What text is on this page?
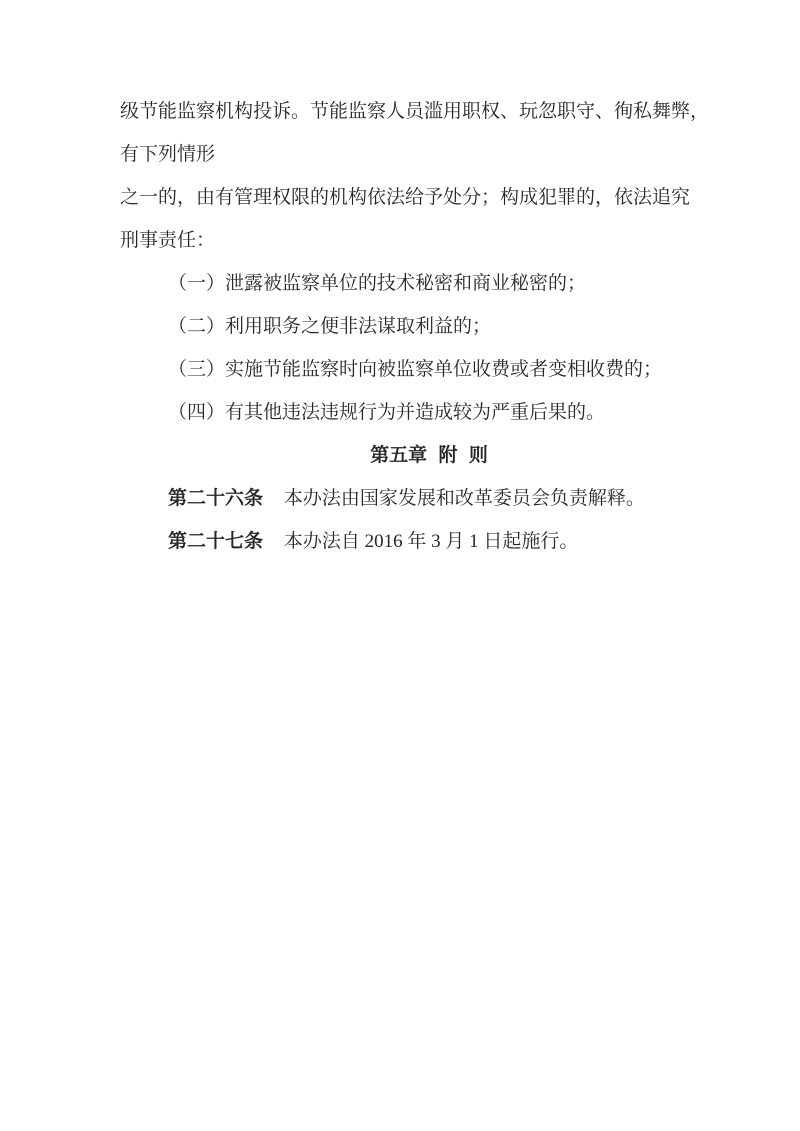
级节能监察机构投诉。节能监察人员滥用职权、玩忽职守、徇私舞弊，

有下列情形

之一的，由有管理权限的机构依法给予处分；构成犯罪的，依法追究

刑事责任：

（一）泄露被监察单位的技术秘密和商业秘密的；

（二）利用职务之便非法谋取利益的；

（三）实施节能监察时向被监察单位收费或者变相收费的；

（四）有其他违法违规行为并造成较为严重后果的。

第五章 附 则

第二十六条 本办法由国家发展和改革委员会负责解释。

第二十七条 本办法自 2016 年 3 月 1 日起施行。
